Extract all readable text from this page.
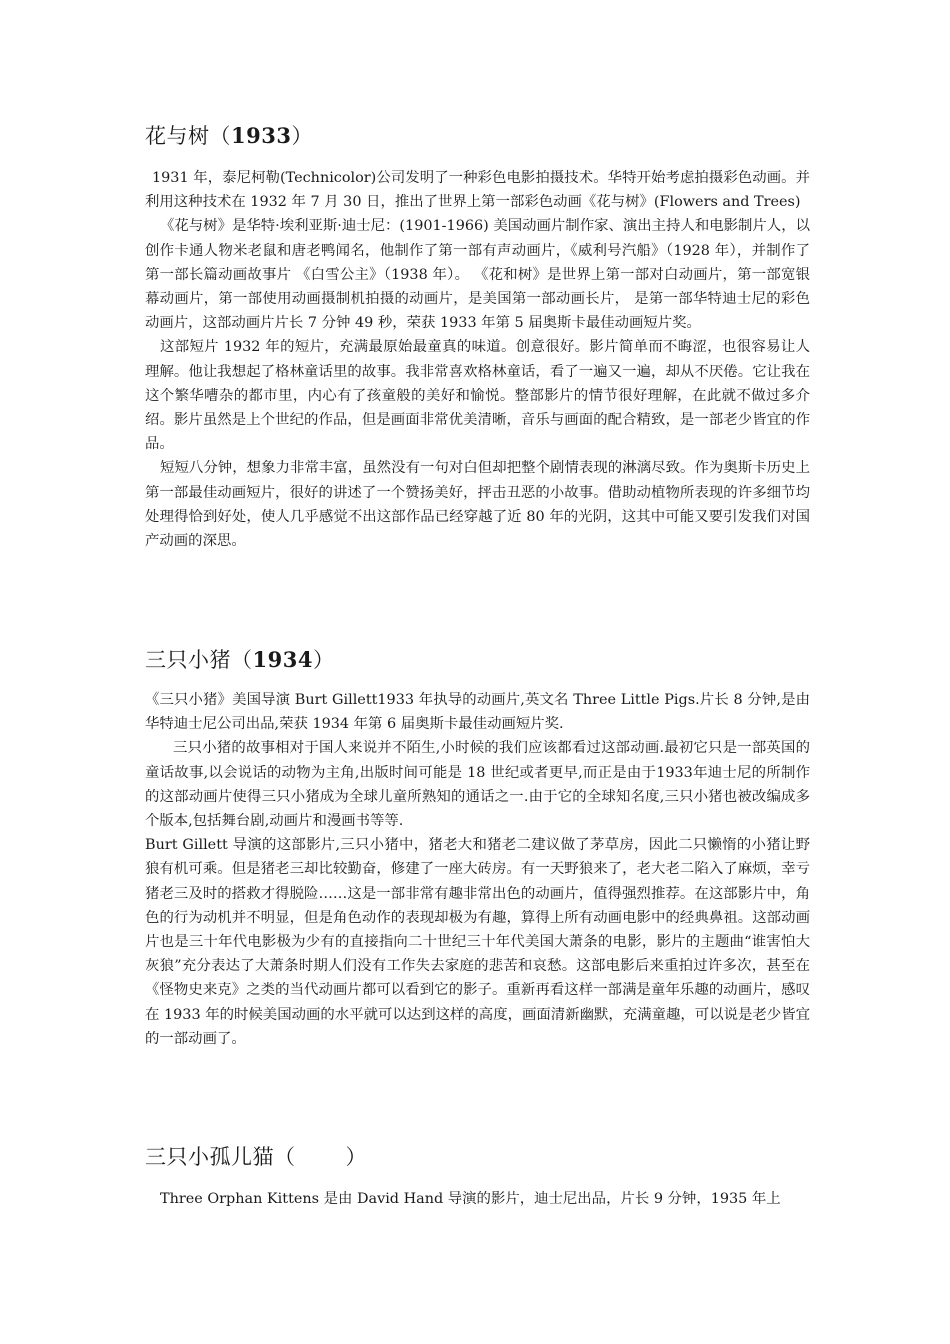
花与树（1933）

1931 年，泰尼柯勒(Technicolor)公司发明了一种彩色电影拍摄技术。华特开始考虑拍摄彩色动画。并利用这种技术在 1932 年 7 月 30 日，推出了世界上第一部彩色动画《花与树》(Flowers and Trees)

《花与树》是华特·埃利亚斯·迪士尼：(1901-1966) 美国动画片制作家、演出主持人和电影制片人，以创作卡通人物米老鼠和唐老鸭闻名，他制作了第一部有声动画片，《威利号汽船》（1928 年），并制作了第一部长篇动画故事片 《白雪公主》（1938 年）。 《花和树》是世界上第一部对白动画片，第一部宽银幕动画片，第一部使用动画摄制机拍摄的动画片，是美国第一部动画长片， 是第一部华特迪士尼的彩色动画片，这部动画片片长 7 分钟 49 秒，荣获 1933 年第 5 届奥斯卡最佳动画短片奖。

这部短片 1932 年的短片，充满最原始最童真的味道。创意很好。影片简单而不晦涩，也很容易让人理解。他让我想起了格林童话里的故事。我非常喜欢格林童话，看了一遍又一遍，却从不厌倦。它让我在这个繁华嘈杂的都市里，内心有了孩童般的美好和愉悦。整部影片的情节很好理解，在此就不做过多介绍。影片虽然是上个世纪的作品，但是画面非常优美清晰，音乐与画面的配合精致，是一部老少皆宜的作品。

短短八分钟，想象力非常丰富，虽然没有一句对白但却把整个剧情表现的淋漓尽致。作为奥斯卡历史上第一部最佳动画短片，很好的讲述了一个赞扬美好，抨击丑恶的小故事。借助动植物所表现的许多细节均处理得恰到好处，使人几乎感觉不出这部作品已经穿越了近 80 年的光阴，这其中可能又要引发我们对国产动画的深思。

三只小猪（1934）

《三只小猪》美国导演 Burt Gillett1933 年执导的动画片,英文名 Three Little Pigs.片长 8 分钟,是由华特迪士尼公司出品,荣获 1934 年第 6 届奥斯卡最佳动画短片奖.

三只小猪的故事相对于国人来说并不陌生,小时候的我们应该都看过这部动画.最初它只是一部英国的童话故事,以会说话的动物为主角,出版时间可能是 18 世纪或者更早,而正是由于1933年迪士尼的所制作的这部动画片使得三只小猪成为全球儿童所熟知的通话之一.由于它的全球知名度,三只小猪也被改编成多个版本,包括舞台剧,动画片和漫画书等等.

Burt Gillett 导演的这部影片,三只小猪中，猪老大和猪老二建议做了茅草房，因此二只懒惰的小猪让野狼有机可乘。但是猪老三却比较勤奋，修建了一座大砖房。有一天野狼来了，老大老二陷入了麻烦，幸亏猪老三及时的搭救才得脱险……这是一部非常有趣非常出色的动画片，值得强烈推荐。在这部影片中，角色的行为动机并不明显，但是角色动作的表现却极为有趣，算得上所有动画电影中的经典鼻祖。这部动画片也是三十年代电影极为少有的直接指向二十世纪三十年代美国大萧条的电影，影片的主题曲“谁害怕大灰狼”充分表达了大萧条时期人们没有工作失去家庭的悲苦和哀愁。这部电影后来重拍过许多次，甚至在《怪物史来克》之类的当代动画片都可以看到它的影子。重新再看这样一部满是童年乐趣的动画片，感叹在 1933 年的时候美国动画的水平就可以达到这样的高度，画面清新幽默，充满童趣，可以说是老少皆宜的一部动画了。

三只小孤儿猫（ ）

Three Orphan Kittens 是由 David Hand 导演的影片，迪士尼出品，片长 9 分钟，1935 年上
